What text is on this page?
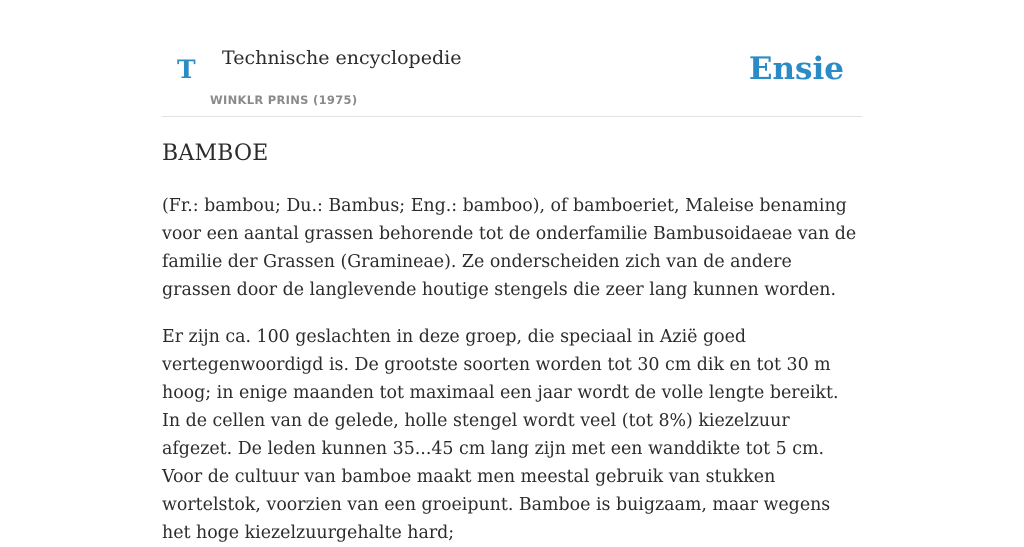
T Technische encyclopedie
WINKLR PRINS (1975)
Ensie
BAMBOE

(Fr.: bambou; Du.: Bambus; Eng.: bamboo), of bamboeriet, Maleise benaming voor een aantal grassen behorende tot de onderfamilie Bambusoidaeae van de familie der Grassen (Gramineae). Ze onderscheiden zich van de andere grassen door de langlevende houtige stengels die zeer lang kunnen worden.

Er zijn ca. 100 geslachten in deze groep, die speciaal in Azië goed vertegenwoordigd is. De grootste soorten worden tot 30 cm dik en tot 30 m hoog; in enige maanden tot maximaal een jaar wordt de volle lengte bereikt. In de cellen van de gelede, holle stengel wordt veel (tot 8%) kiezelzuur afgezet. De leden kunnen 35...45 cm lang zijn met een wanddikte tot 5 cm. Voor de cultuur van bamboe maakt men meestal gebruik van stukken wortelstok, voorzien van een groeipunt. Bamboe is buigzaam, maar wegens het hoge kiezelzuurgehalte hard;
